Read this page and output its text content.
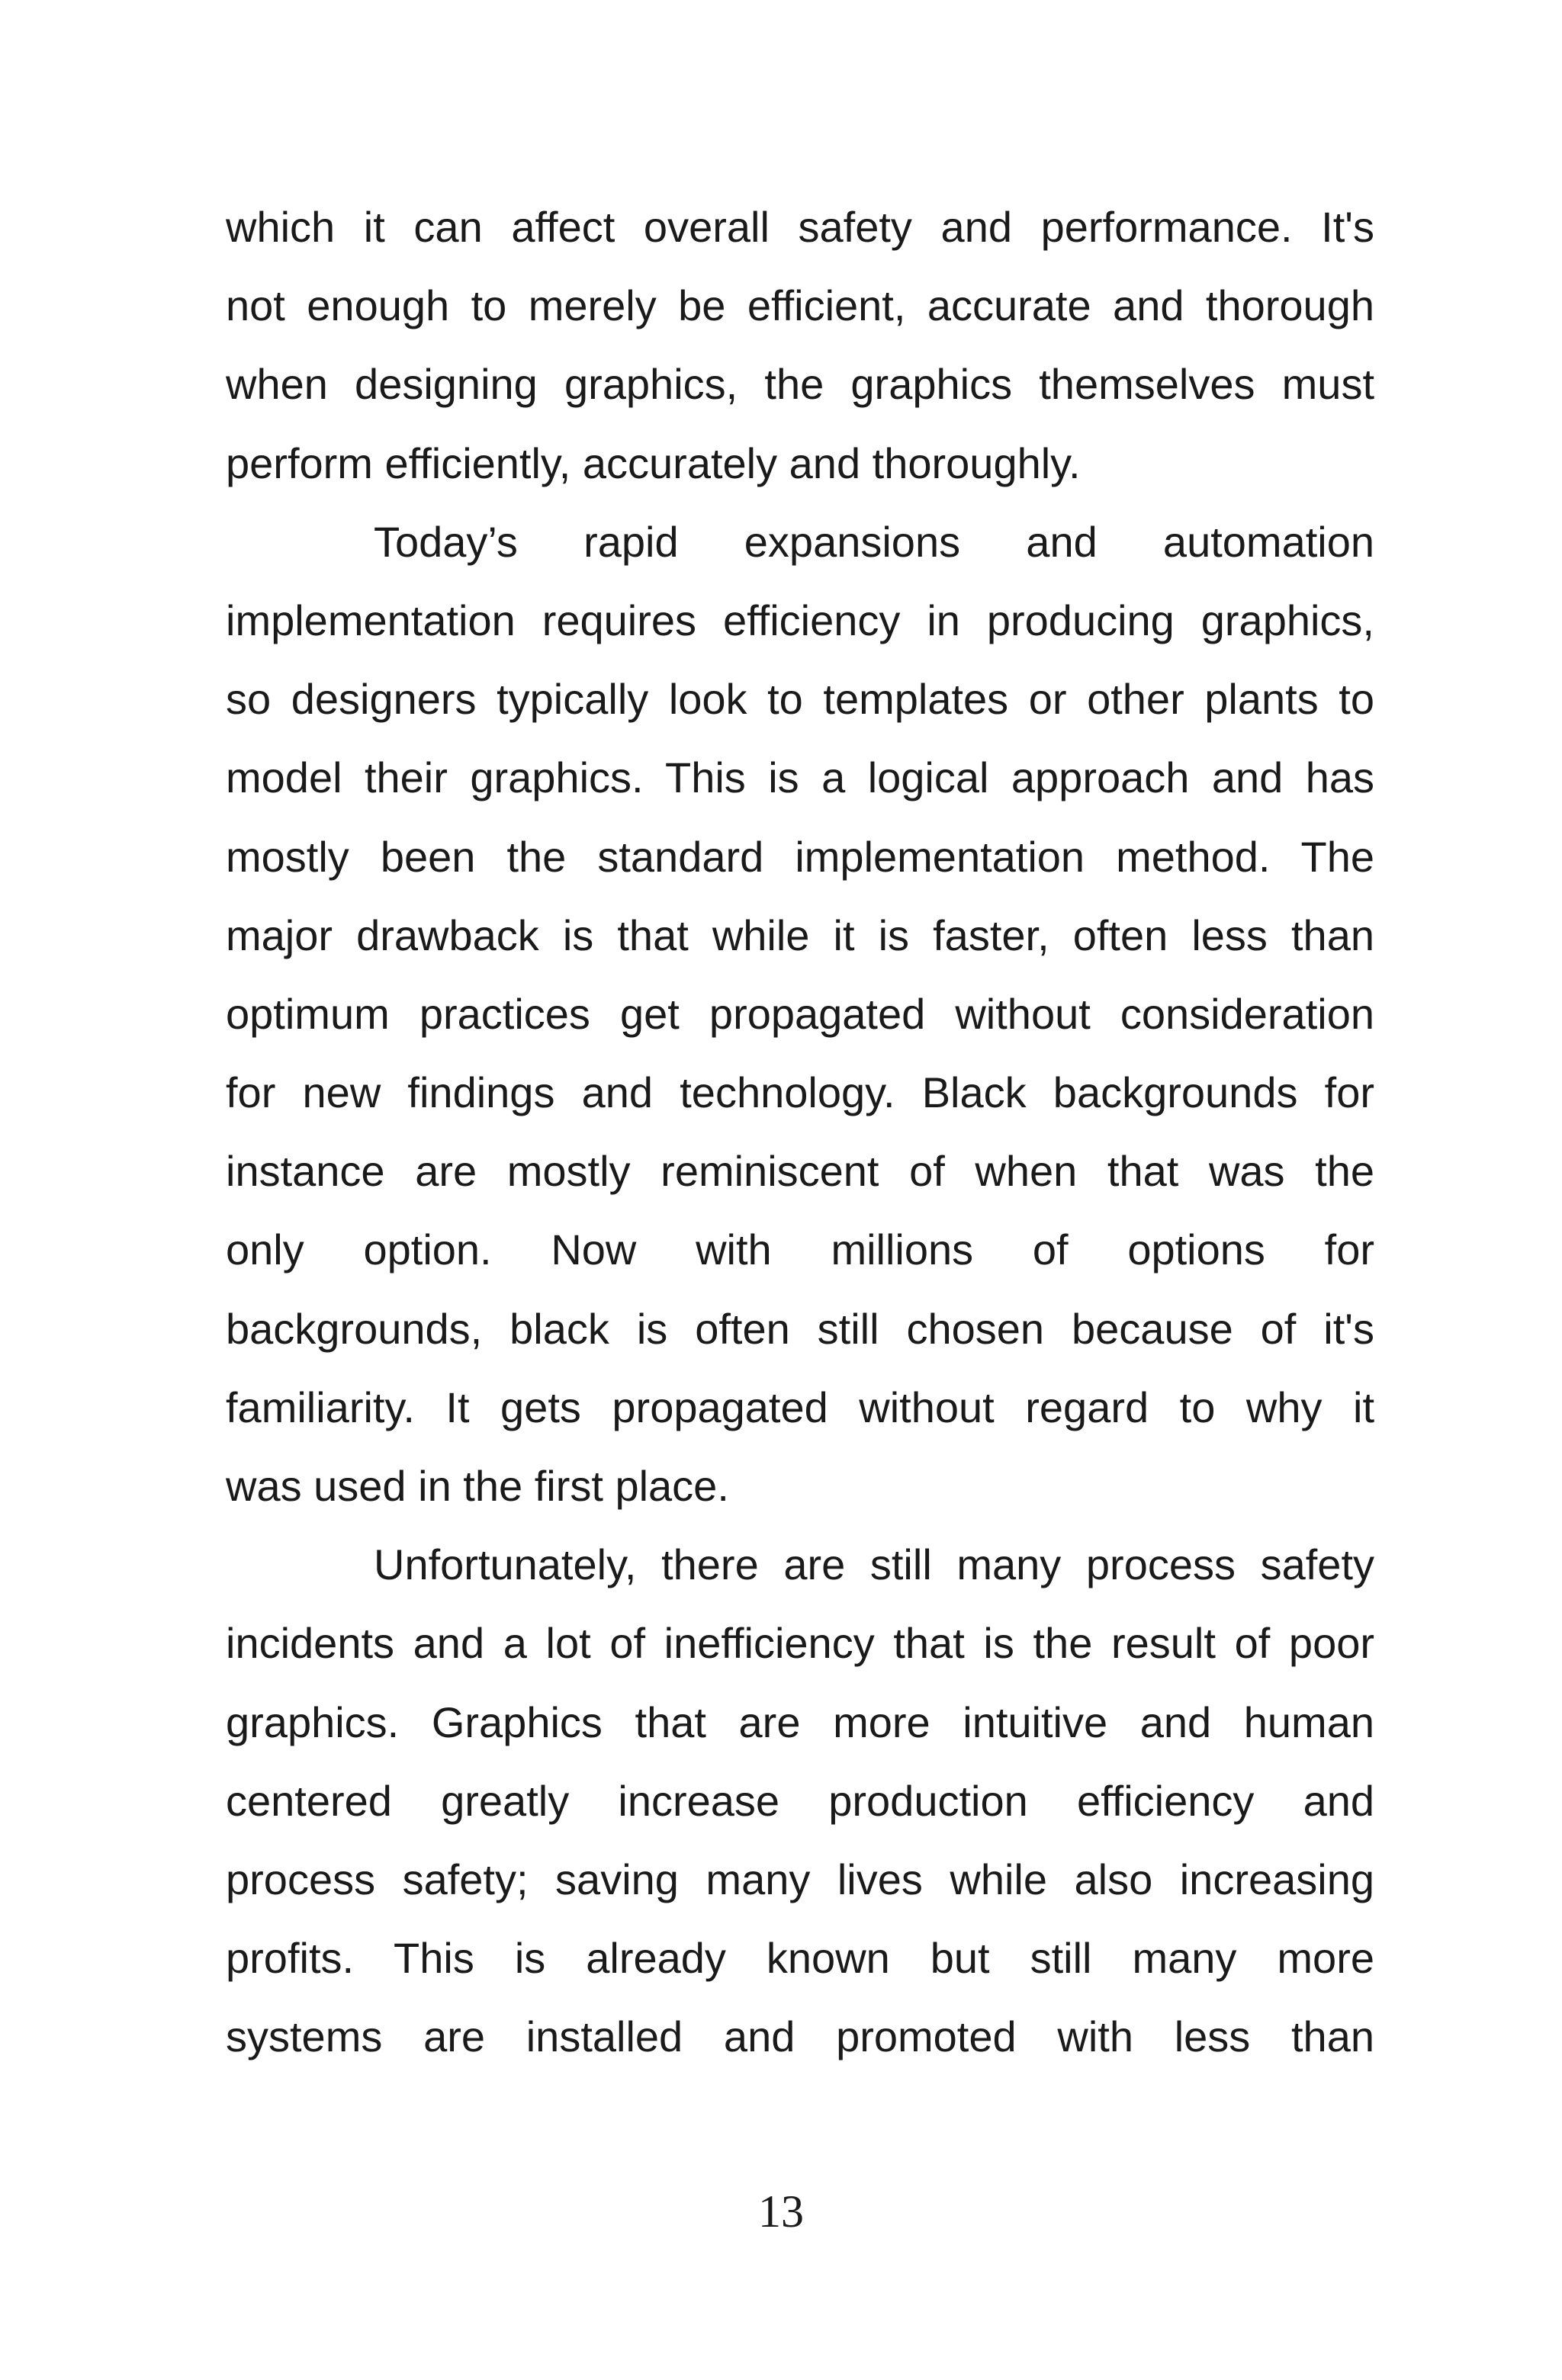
which it can affect overall safety and performance. It's
not enough to merely be efficient, accurate and thorough
when designing graphics, the graphics themselves must
perform efficiently, accurately and thoroughly.
Today’s rapid expansions and automation
implementation requires efficiency in producing graphics,
so designers typically look to templates or other plants to
model their graphics. This is a logical approach and has
mostly been the standard implementation method. The
major drawback is that while it is faster, often less than
optimum practices get propagated without consideration
for new findings and technology. Black backgrounds for
instance are mostly reminiscent of when that was the
only option. Now with millions of options for
backgrounds, black is often still chosen because of it's
familiarity. It gets propagated without regard to why it
was used in the first place.
Unfortunately, there are still many process safety
incidents and a lot of inefficiency that is the result of poor
graphics. Graphics that are more intuitive and human
centered greatly increase production efficiency and
process safety; saving many lives while also increasing
profits. This is already known but still many more
systems are installed and promoted with less than
13
